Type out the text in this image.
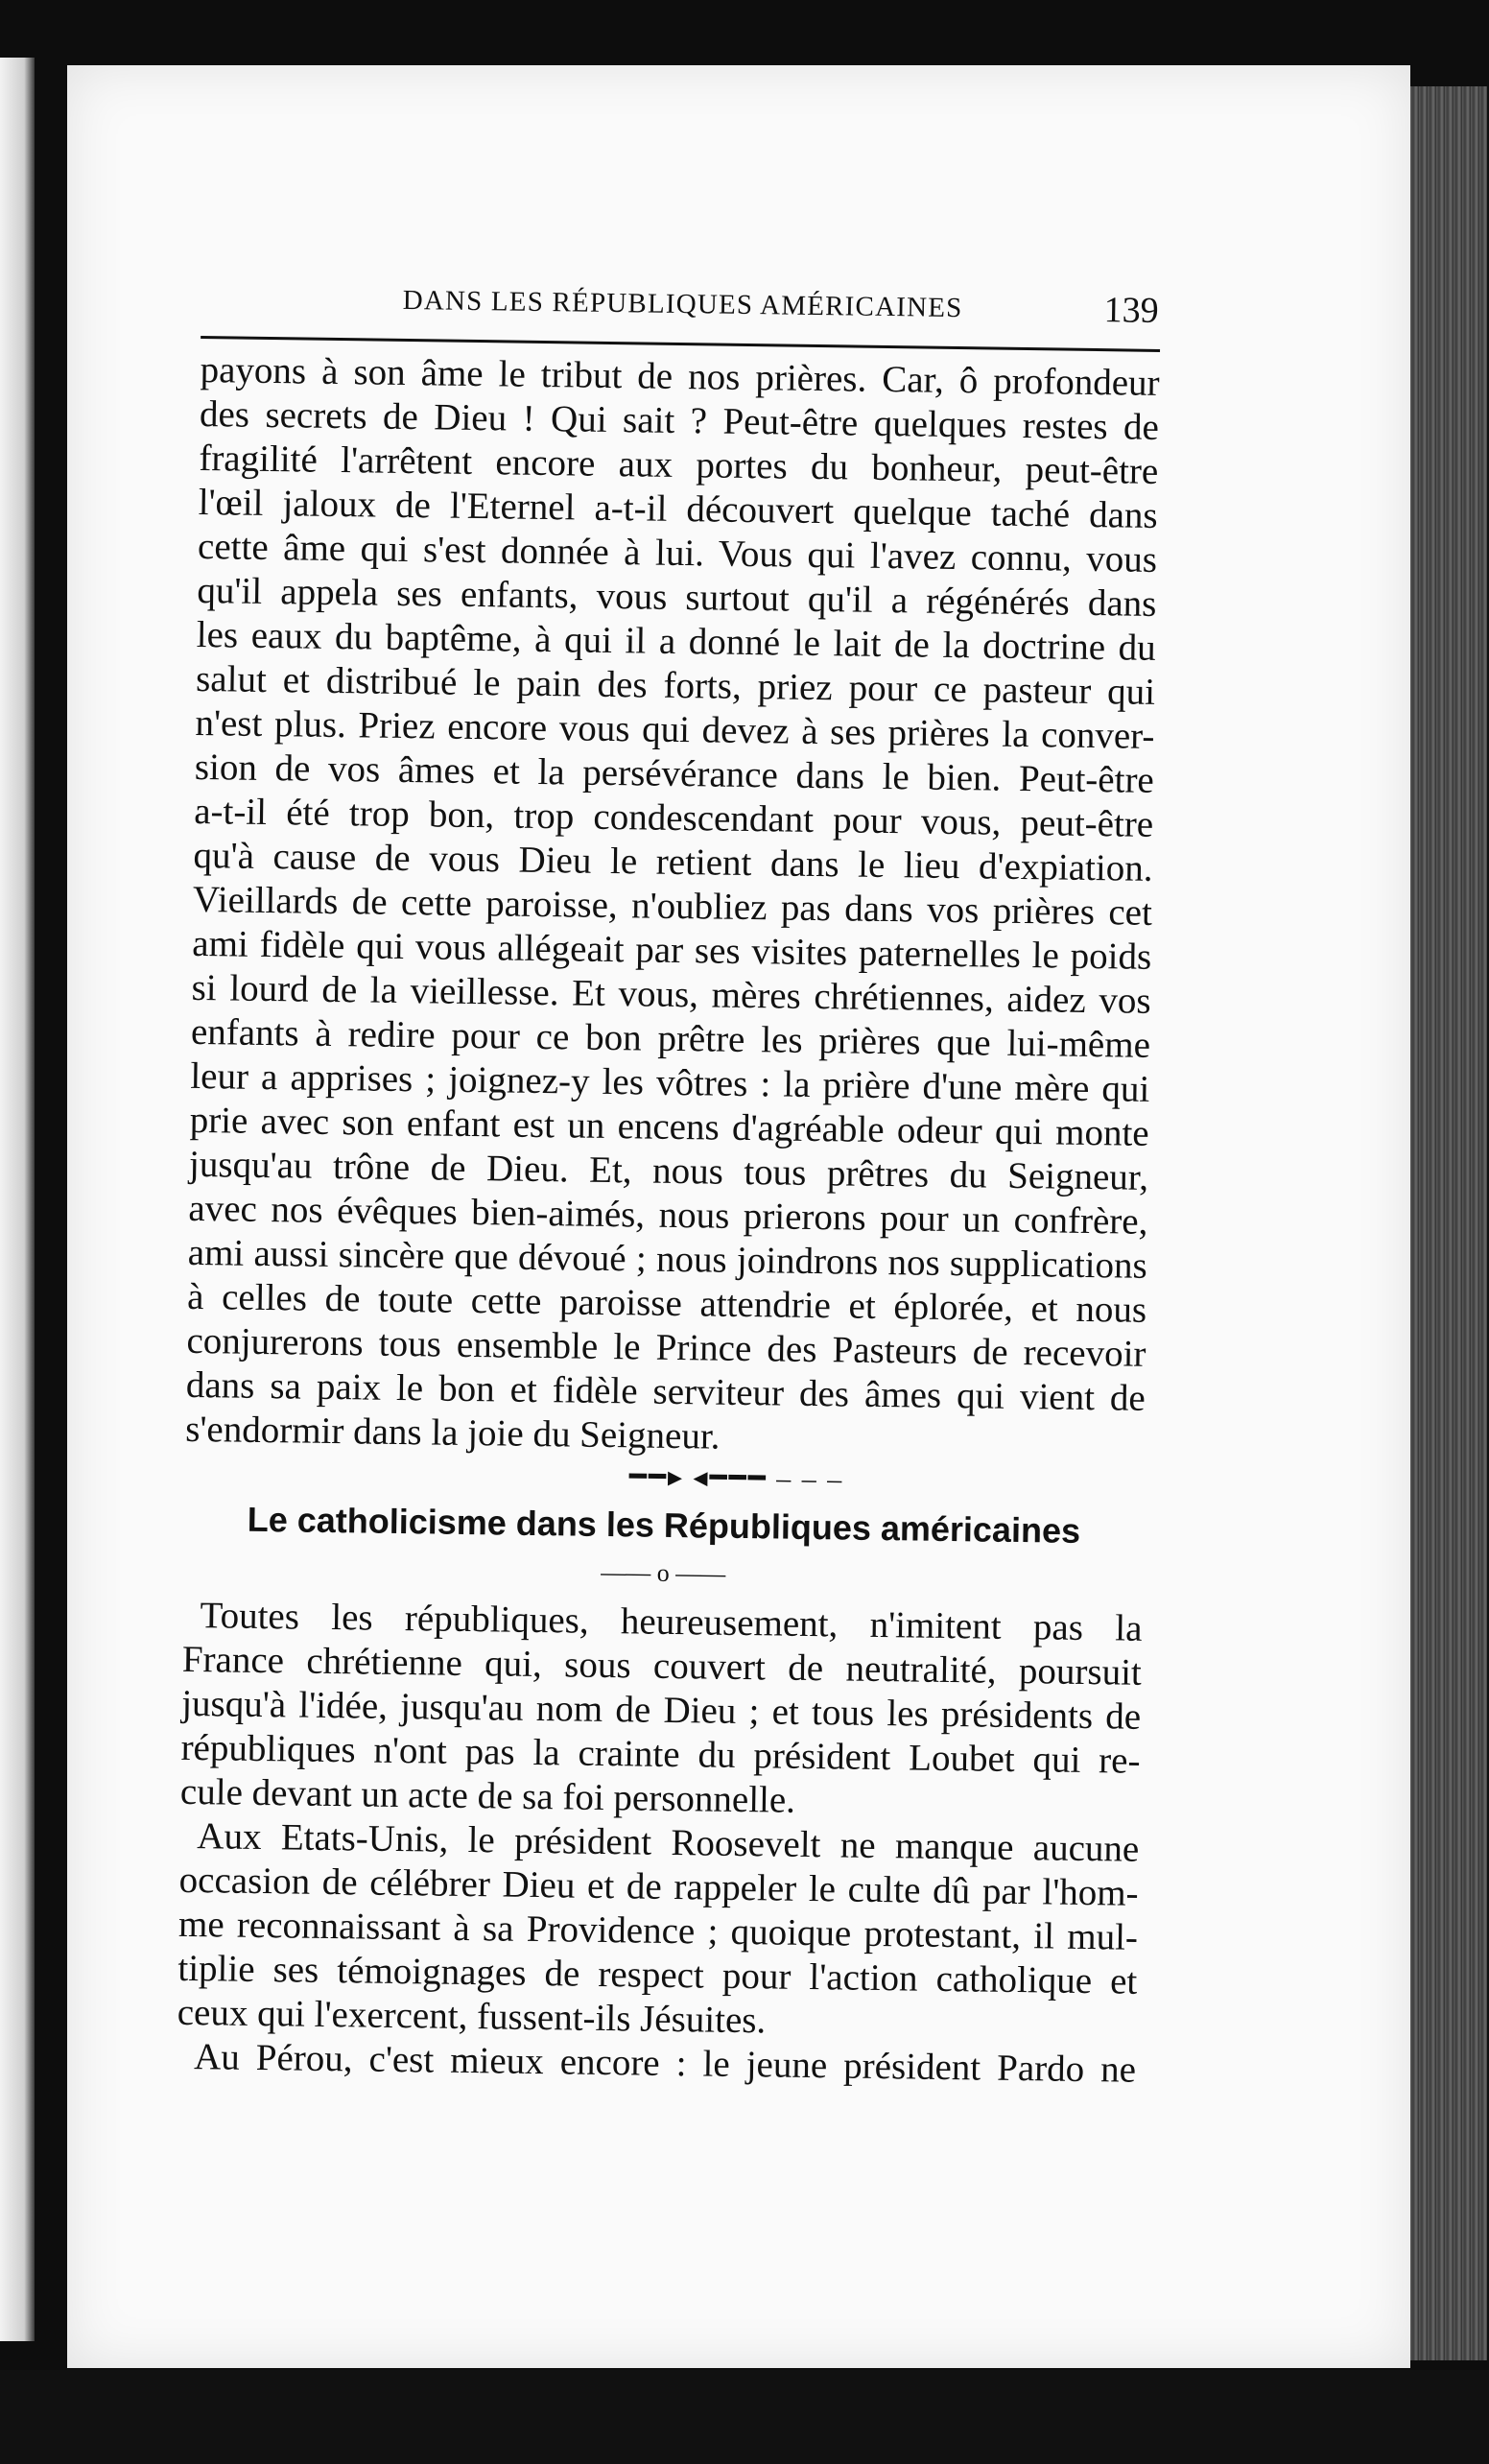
DANS LES RÉPUBLIQUES AMÉRICAINES	139

payons à son âme le tribut de nos prières. Car, ô profondeur

des secrets de Dieu ! Qui sait ? Peut-être quelques restes de

fragilité l'arrêtent encore aux portes du bonheur, peut-être

l'œil jaloux de l'Eternel a-t-il découvert quelque taché dans

cette âme qui s'est donnée à lui. Vous qui l'avez connu, vous

qu'il appela ses enfants, vous surtout qu'il a régénérés dans

les eaux du baptême, à qui il a donné le lait de la doctrine du

salut et distribué le pain des forts, priez pour ce pasteur qui

n'est plus. Priez encore vous qui devez à ses prières la conver-

sion de vos âmes et la persévérance dans le bien. Peut-être

a-t-il été trop bon, trop condescendant pour vous, peut-être

qu'à cause de vous Dieu le retient dans le lieu d'expiation.

Vieillards de cette paroisse, n'oubliez pas dans vos prières cet

ami fidèle qui vous allégeait par ses visites paternelles le poids

si lourd de la vieillesse. Et vous, mères chrétiennes, aidez vos

enfants à redire pour ce bon prêtre les prières que lui-même

leur a apprises ; joignez-y les vôtres : la prière d'une mère qui

prie avec son enfant est un encens d'agréable odeur qui monte

jusqu'au trône de Dieu. Et, nous tous prêtres du Seigneur,

avec nos évêques bien-aimés, nous prierons pour un confrère,

ami aussi sincère que dévoué ; nous joindrons nos supplications

à celles de toute cette paroisse attendrie et éplorée, et nous

conjurerons tous ensemble le Prince des Pasteurs de recevoir

dans sa paix le bon et fidèle serviteur des âmes qui vient de

s'endormir dans la joie du Seigneur.

━━▸ ◂━━━ ‒ ‒ ‒
Le catholicisme dans les Républiques américaines
—— o ——

Toutes les républiques, heureusement, n'imitent pas la

France chrétienne qui, sous couvert de neutralité, poursuit

jusqu'à l'idée, jusqu'au nom de Dieu ; et tous les présidents de

républiques n'ont pas la crainte du président Loubet qui re-

cule devant un acte de sa foi personnelle.

Aux Etats-Unis, le président Roosevelt ne manque aucune

occasion de célébrer Dieu et de rappeler le culte dû par l'hom-

me reconnaissant à sa Providence ; quoique protestant, il mul-

tiplie ses témoignages de respect pour l'action catholique et

ceux qui l'exercent, fussent-ils Jésuites.

Au Pérou, c'est mieux encore : le jeune président Pardo ne
